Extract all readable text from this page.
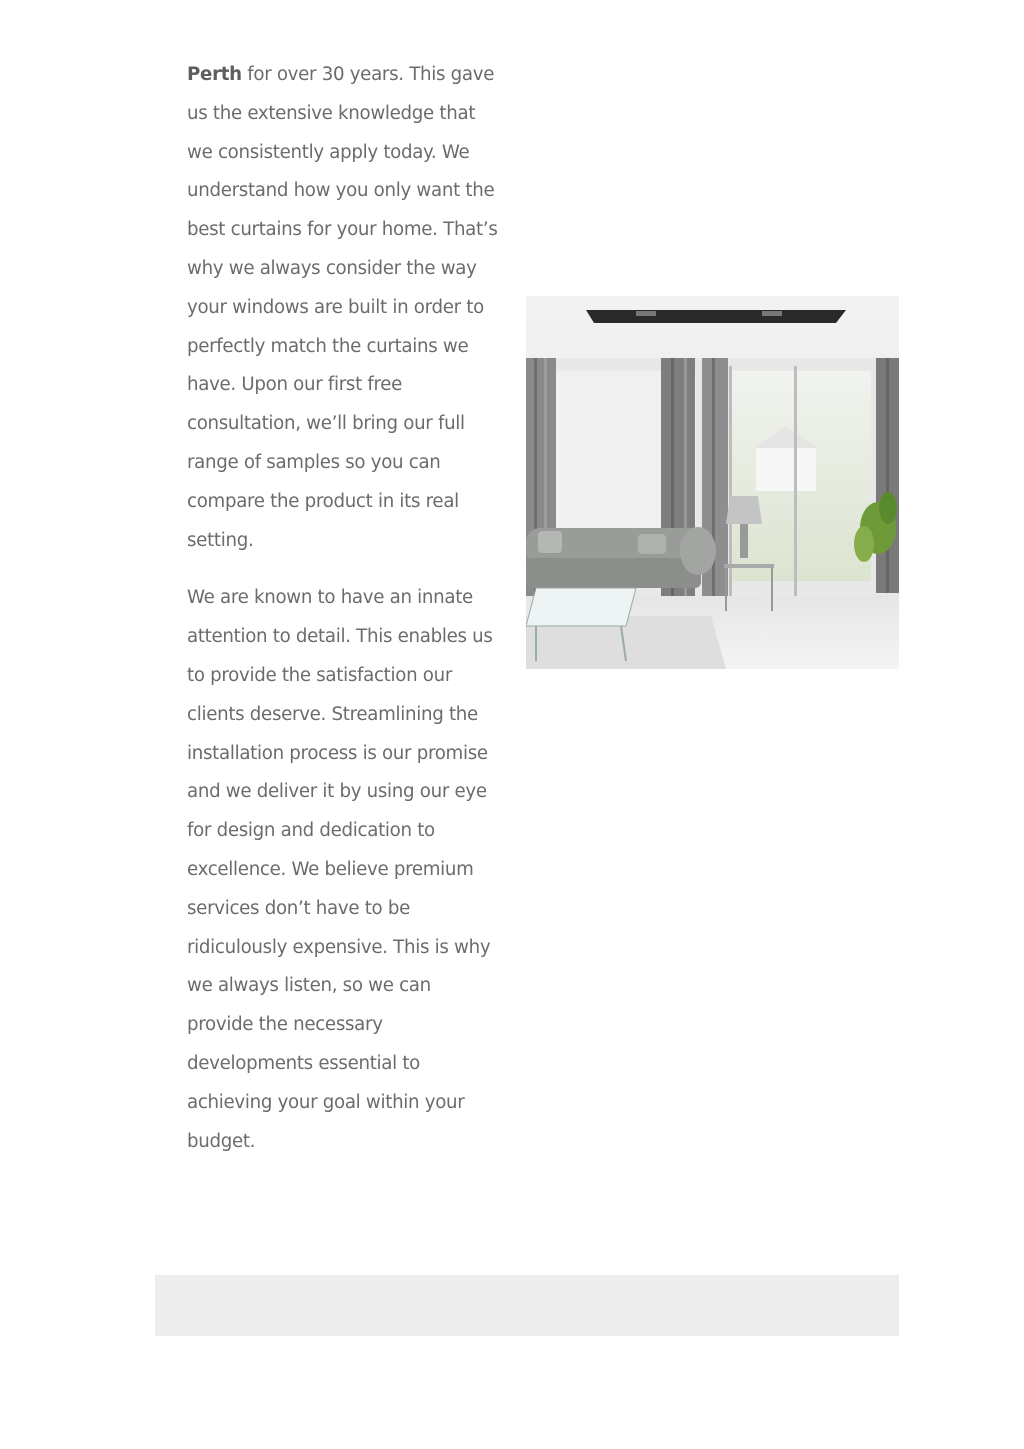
Perth for over 30 years. This gave us the extensive knowledge that we consistently apply today. We understand how you only want the best curtains for your home. That’s why we always consider the way your windows are built in order to perfectly match the curtains we have. Upon our first free consultation, we’ll bring our full range of samples so you can compare the product in its real setting.

We are known to have an innate attention to detail. This enables us to provide the satisfaction our clients deserve. Streamlining the installation process is our promise and we deliver it by using our eye for design and dedication to excellence. We believe premium services don’t have to be ridiculously expensive. This is why we always listen, so we can provide the necessary developments essential to achieving your goal within your budget.
